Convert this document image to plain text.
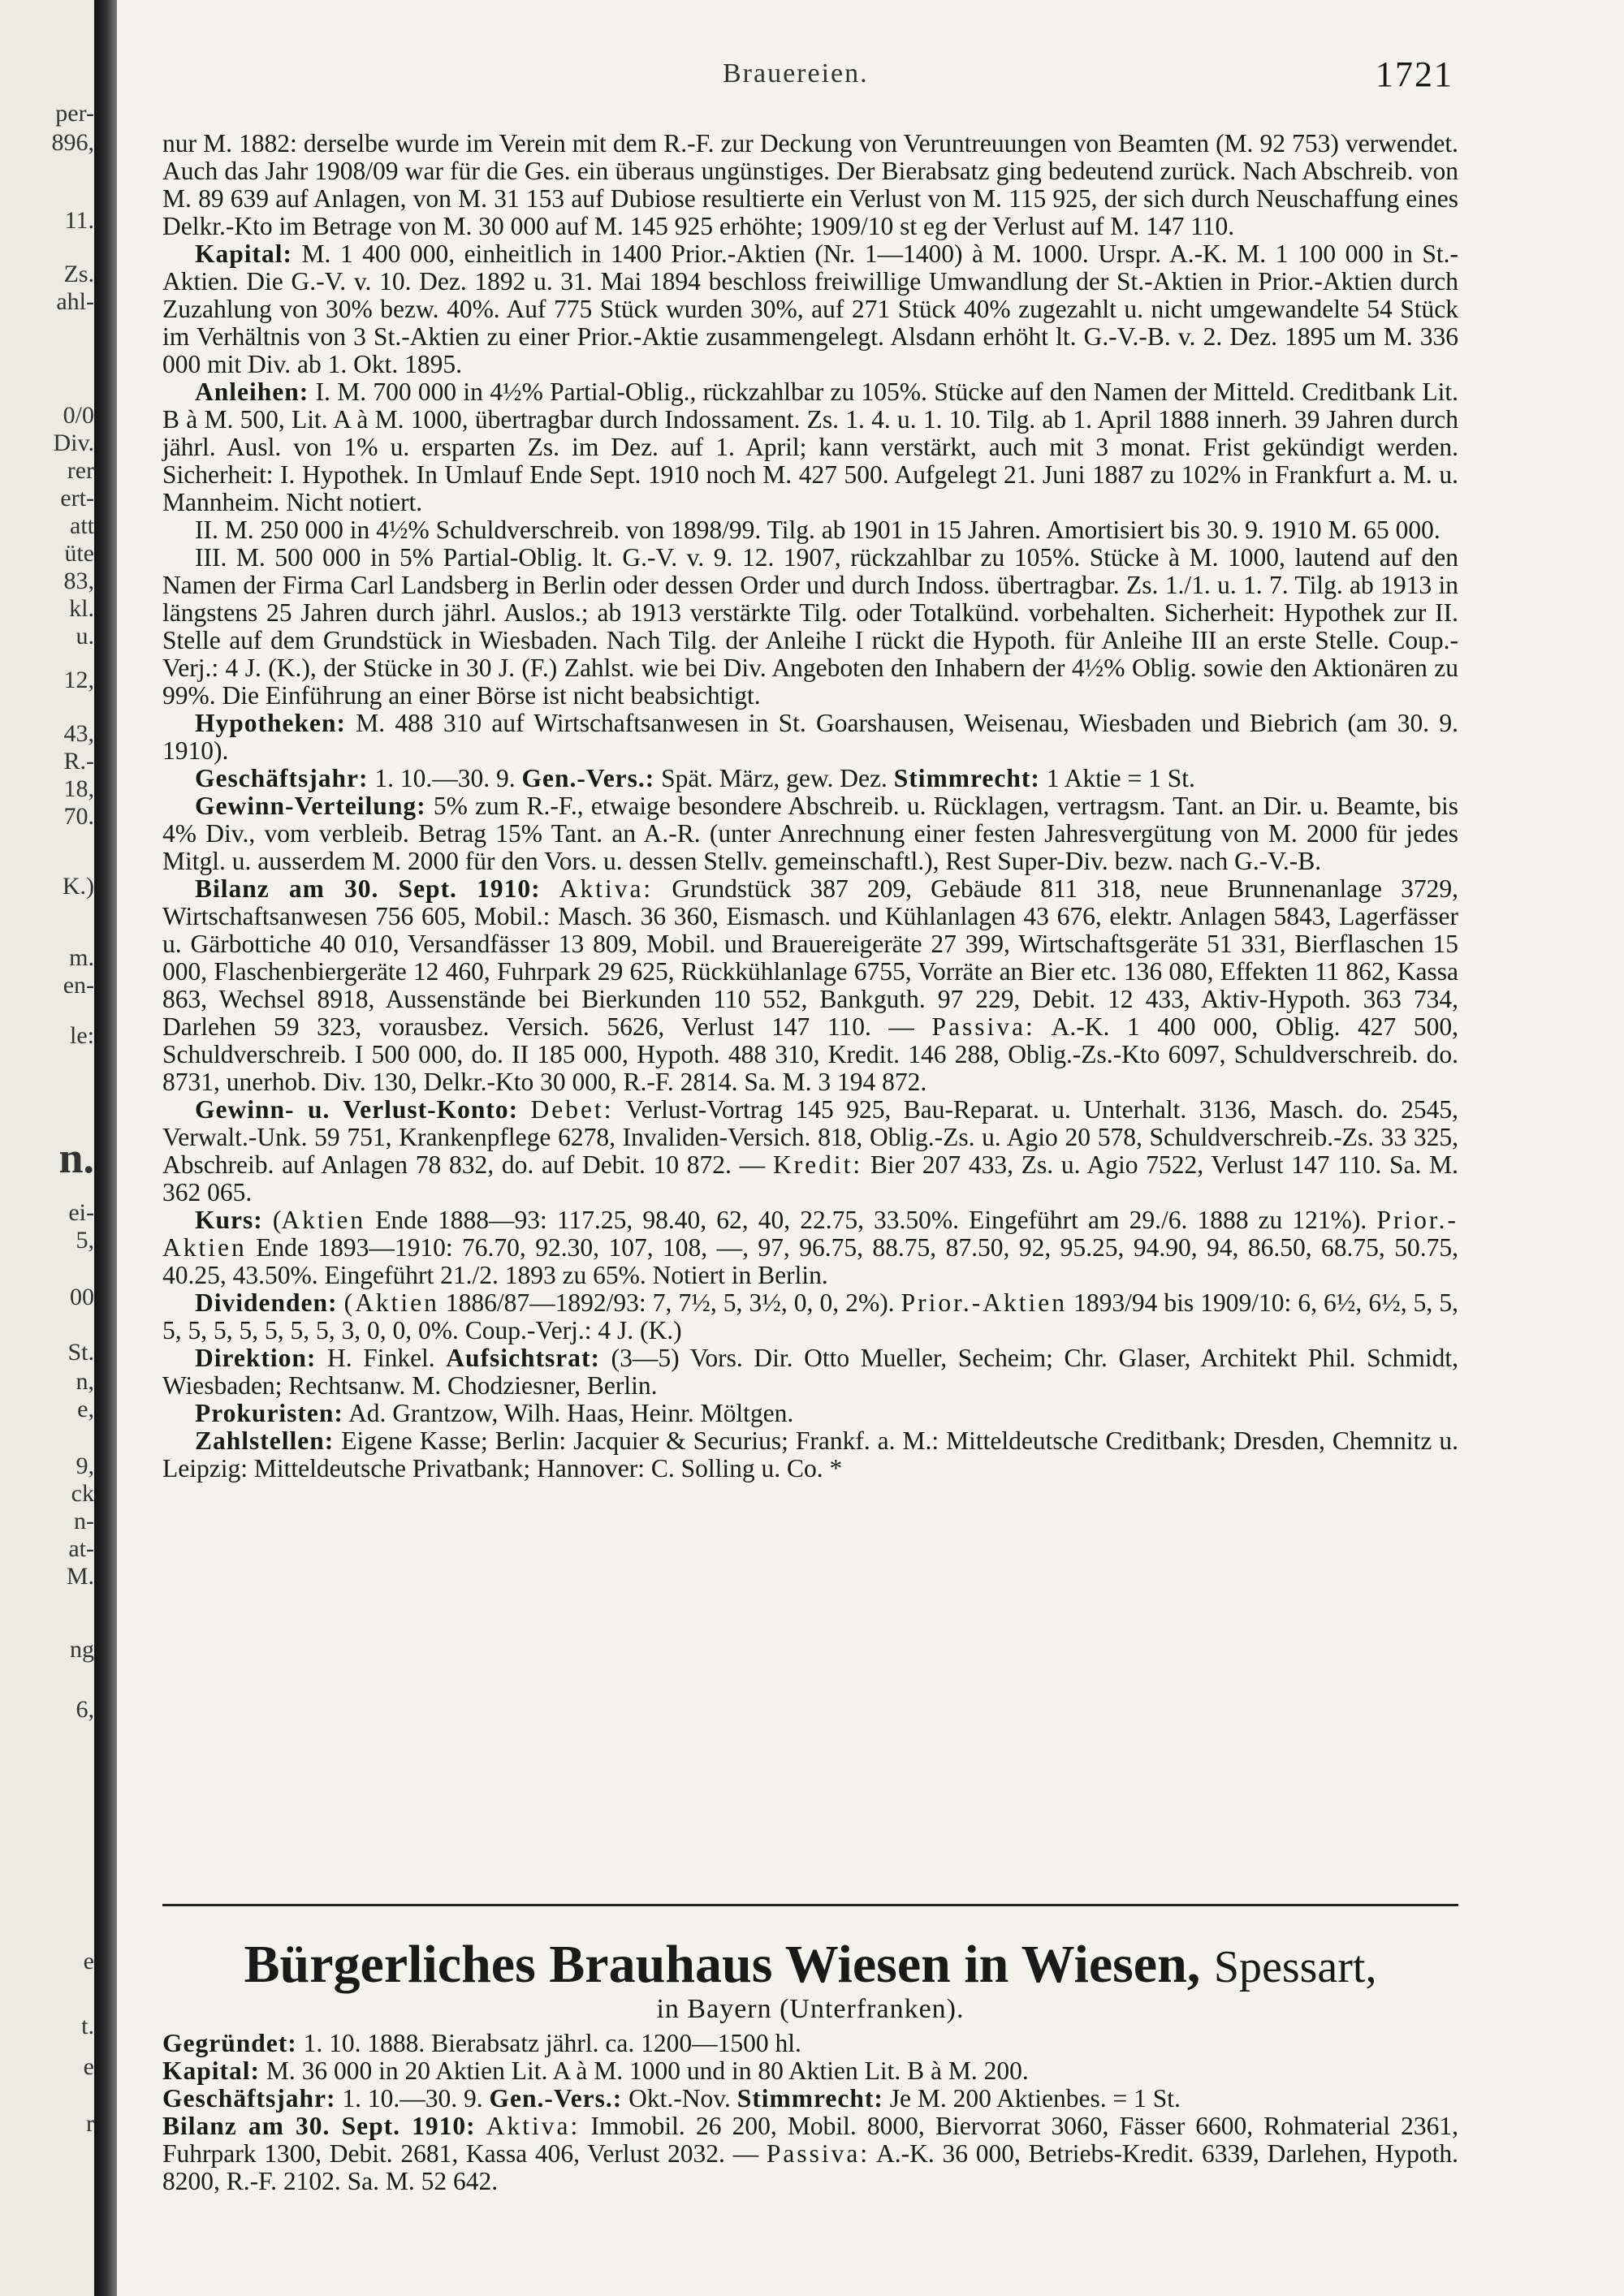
per-
896,
11.
Zs.
ahl-
0/0
Div.
rer
ert-
att
üte
83,
kl.
u.
12,
43,
R.-
18,
70.
K.)
m.
en-
le:
n.
ei-
5,
00
St.
n,
e,
9,
ck
n-
at-
M.
ng
6,
e
t.
e
r
Brauereien.	1721

nur M. 1882: derselbe wurde im Verein mit dem R.-F. zur Deckung von Veruntreuungen von Beamten (M. 92 753) verwendet. Auch das Jahr 1908/09 war für die Ges. ein überaus ungünstiges. Der Bierabsatz ging bedeutend zurück. Nach Abschreib. von M. 89 639 auf Anlagen, von M. 31 153 auf Dubiose resultierte ein Verlust von M. 115 925, der sich durch Neuschaffung eines Delkr.-Kto im Betrage von M. 30 000 auf M. 145 925 erhöhte; 1909/10 st eg der Verlust auf M. 147 110.

Kapital: M. 1 400 000, einheitlich in 1400 Prior.-Aktien (Nr. 1—1400) à M. 1000. Urspr. A.-K. M. 1 100 000 in St.-Aktien. Die G.-V. v. 10. Dez. 1892 u. 31. Mai 1894 beschloss freiwillige Umwandlung der St.-Aktien in Prior.-Aktien durch Zuzahlung von 30% bezw. 40%. Auf 775 Stück wurden 30%, auf 271 Stück 40% zugezahlt u. nicht umgewandelte 54 Stück im Verhältnis von 3 St.-Aktien zu einer Prior.-Aktie zusammengelegt. Alsdann erhöht lt. G.-V.-B. v. 2. Dez. 1895 um M. 336 000 mit Div. ab 1. Okt. 1895.

Anleihen: I. M. 700 000 in 4½% Partial-Oblig., rückzahlbar zu 105%. Stücke auf den Namen der Mitteld. Creditbank Lit. B à M. 500, Lit. A à M. 1000, übertragbar durch Indossament. Zs. 1. 4. u. 1. 10. Tilg. ab 1. April 1888 innerh. 39 Jahren durch jährl. Ausl. von 1% u. ersparten Zs. im Dez. auf 1. April; kann verstärkt, auch mit 3 monat. Frist gekündigt werden. Sicherheit: I. Hypothek. In Umlauf Ende Sept. 1910 noch M. 427 500. Aufgelegt 21. Juni 1887 zu 102% in Frankfurt a. M. u. Mannheim. Nicht notiert.

II. M. 250 000 in 4½% Schuldverschreib. von 1898/99. Tilg. ab 1901 in 15 Jahren. Amortisiert bis 30. 9. 1910 M. 65 000.

III. M. 500 000 in 5% Partial-Oblig. lt. G.-V. v. 9. 12. 1907, rückzahlbar zu 105%. Stücke à M. 1000, lautend auf den Namen der Firma Carl Landsberg in Berlin oder dessen Order und durch Indoss. übertragbar. Zs. 1./1. u. 1. 7. Tilg. ab 1913 in längstens 25 Jahren durch jährl. Auslos.; ab 1913 verstärkte Tilg. oder Totalkünd. vorbehalten. Sicherheit: Hypothek zur II. Stelle auf dem Grundstück in Wiesbaden. Nach Tilg. der Anleihe I rückt die Hypoth. für Anleihe III an erste Stelle. Coup.-Verj.: 4 J. (K.), der Stücke in 30 J. (F.) Zahlst. wie bei Div. Angeboten den Inhabern der 4½% Oblig. sowie den Aktionären zu 99%. Die Einführung an einer Börse ist nicht beabsichtigt.

Hypotheken: M. 488 310 auf Wirtschaftsanwesen in St. Goarshausen, Weisenau, Wiesbaden und Biebrich (am 30. 9. 1910).

Geschäftsjahr: 1. 10.—30. 9. Gen.-Vers.: Spät. März, gew. Dez. Stimmrecht: 1 Aktie = 1 St.

Gewinn-Verteilung: 5% zum R.-F., etwaige besondere Abschreib. u. Rücklagen, vertragsm. Tant. an Dir. u. Beamte, bis 4% Div., vom verbleib. Betrag 15% Tant. an A.-R. (unter Anrechnung einer festen Jahresvergütung von M. 2000 für jedes Mitgl. u. ausserdem M. 2000 für den Vors. u. dessen Stellv. gemeinschaftl.), Rest Super-Div. bezw. nach G.-V.-B.

Bilanz am 30. Sept. 1910: Aktiva: Grundstück 387 209, Gebäude 811 318, neue Brunnenanlage 3729, Wirtschaftsanwesen 756 605, Mobil.: Masch. 36 360, Eismasch. und Kühlanlagen 43 676, elektr. Anlagen 5843, Lagerfässer u. Gärbottiche 40 010, Versandfässer 13 809, Mobil. und Brauereigeräte 27 399, Wirtschaftsgeräte 51 331, Bierflaschen 15 000, Flaschenbiergeräte 12 460, Fuhrpark 29 625, Rückkühlanlage 6755, Vorräte an Bier etc. 136 080, Effekten 11 862, Kassa 863, Wechsel 8918, Aussenstände bei Bierkunden 110 552, Bankguth. 97 229, Debit. 12 433, Aktiv-Hypoth. 363 734, Darlehen 59 323, vorausbez. Versich. 5626, Verlust 147 110. — Passiva: A.-K. 1 400 000, Oblig. 427 500, Schuldverschreib. I 500 000, do. II 185 000, Hypoth. 488 310, Kredit. 146 288, Oblig.-Zs.-Kto 6097, Schuldverschreib. do. 8731, unerhob. Div. 130, Delkr.-Kto 30 000, R.-F. 2814. Sa. M. 3 194 872.

Gewinn- u. Verlust-Konto: Debet: Verlust-Vortrag 145 925, Bau-Reparat. u. Unterhalt. 3136, Masch. do. 2545, Verwalt.-Unk. 59 751, Krankenpflege 6278, Invaliden-Versich. 818, Oblig.-Zs. u. Agio 20 578, Schuldverschreib.-Zs. 33 325, Abschreib. auf Anlagen 78 832, do. auf Debit. 10 872. — Kredit: Bier 207 433, Zs. u. Agio 7522, Verlust 147 110. Sa. M. 362 065.

Kurs: (Aktien Ende 1888—93: 117.25, 98.40, 62, 40, 22.75, 33.50%. Eingeführt am 29./6. 1888 zu 121%). Prior.-Aktien Ende 1893—1910: 76.70, 92.30, 107, 108, —, 97, 96.75, 88.75, 87.50, 92, 95.25, 94.90, 94, 86.50, 68.75, 50.75, 40.25, 43.50%. Eingeführt 21./2. 1893 zu 65%. Notiert in Berlin.

Dividenden: (Aktien 1886/87—1892/93: 7, 7½, 5, 3½, 0, 0, 2%). Prior.-Aktien 1893/94 bis 1909/10: 6, 6½, 6½, 5, 5, 5, 5, 5, 5, 5, 5, 5, 3, 0, 0, 0%. Coup.-Verj.: 4 J. (K.)

Direktion: H. Finkel. Aufsichtsrat: (3—5) Vors. Dir. Otto Mueller, Secheim; Chr. Glaser, Architekt Phil. Schmidt, Wiesbaden; Rechtsanw. M. Chodziesner, Berlin.

Prokuristen: Ad. Grantzow, Wilh. Haas, Heinr. Möltgen.

Zahlstellen: Eigene Kasse; Berlin: Jacquier & Securius; Frankf. a. M.: Mitteldeutsche Creditbank; Dresden, Chemnitz u. Leipzig: Mitteldeutsche Privatbank; Hannover: C. Solling u. Co. *

Bürgerliches Brauhaus Wiesen in Wiesen, Spessart,
in Bayern (Unterfranken).

Gegründet: 1. 10. 1888. Bierabsatz jährl. ca. 1200—1500 hl.

Kapital: M. 36 000 in 20 Aktien Lit. A à M. 1000 und in 80 Aktien Lit. B à M. 200.

Geschäftsjahr: 1. 10.—30. 9. Gen.-Vers.: Okt.-Nov. Stimmrecht: Je M. 200 Aktienbes. = 1 St.

Bilanz am 30. Sept. 1910: Aktiva: Immobil. 26 200, Mobil. 8000, Biervorrat 3060, Fässer 6600, Rohmaterial 2361, Fuhrpark 1300, Debit. 2681, Kassa 406, Verlust 2032. — Passiva: A.-K. 36 000, Betriebs-Kredit. 6339, Darlehen, Hypoth. 8200, R.-F. 2102. Sa. M. 52 642.
